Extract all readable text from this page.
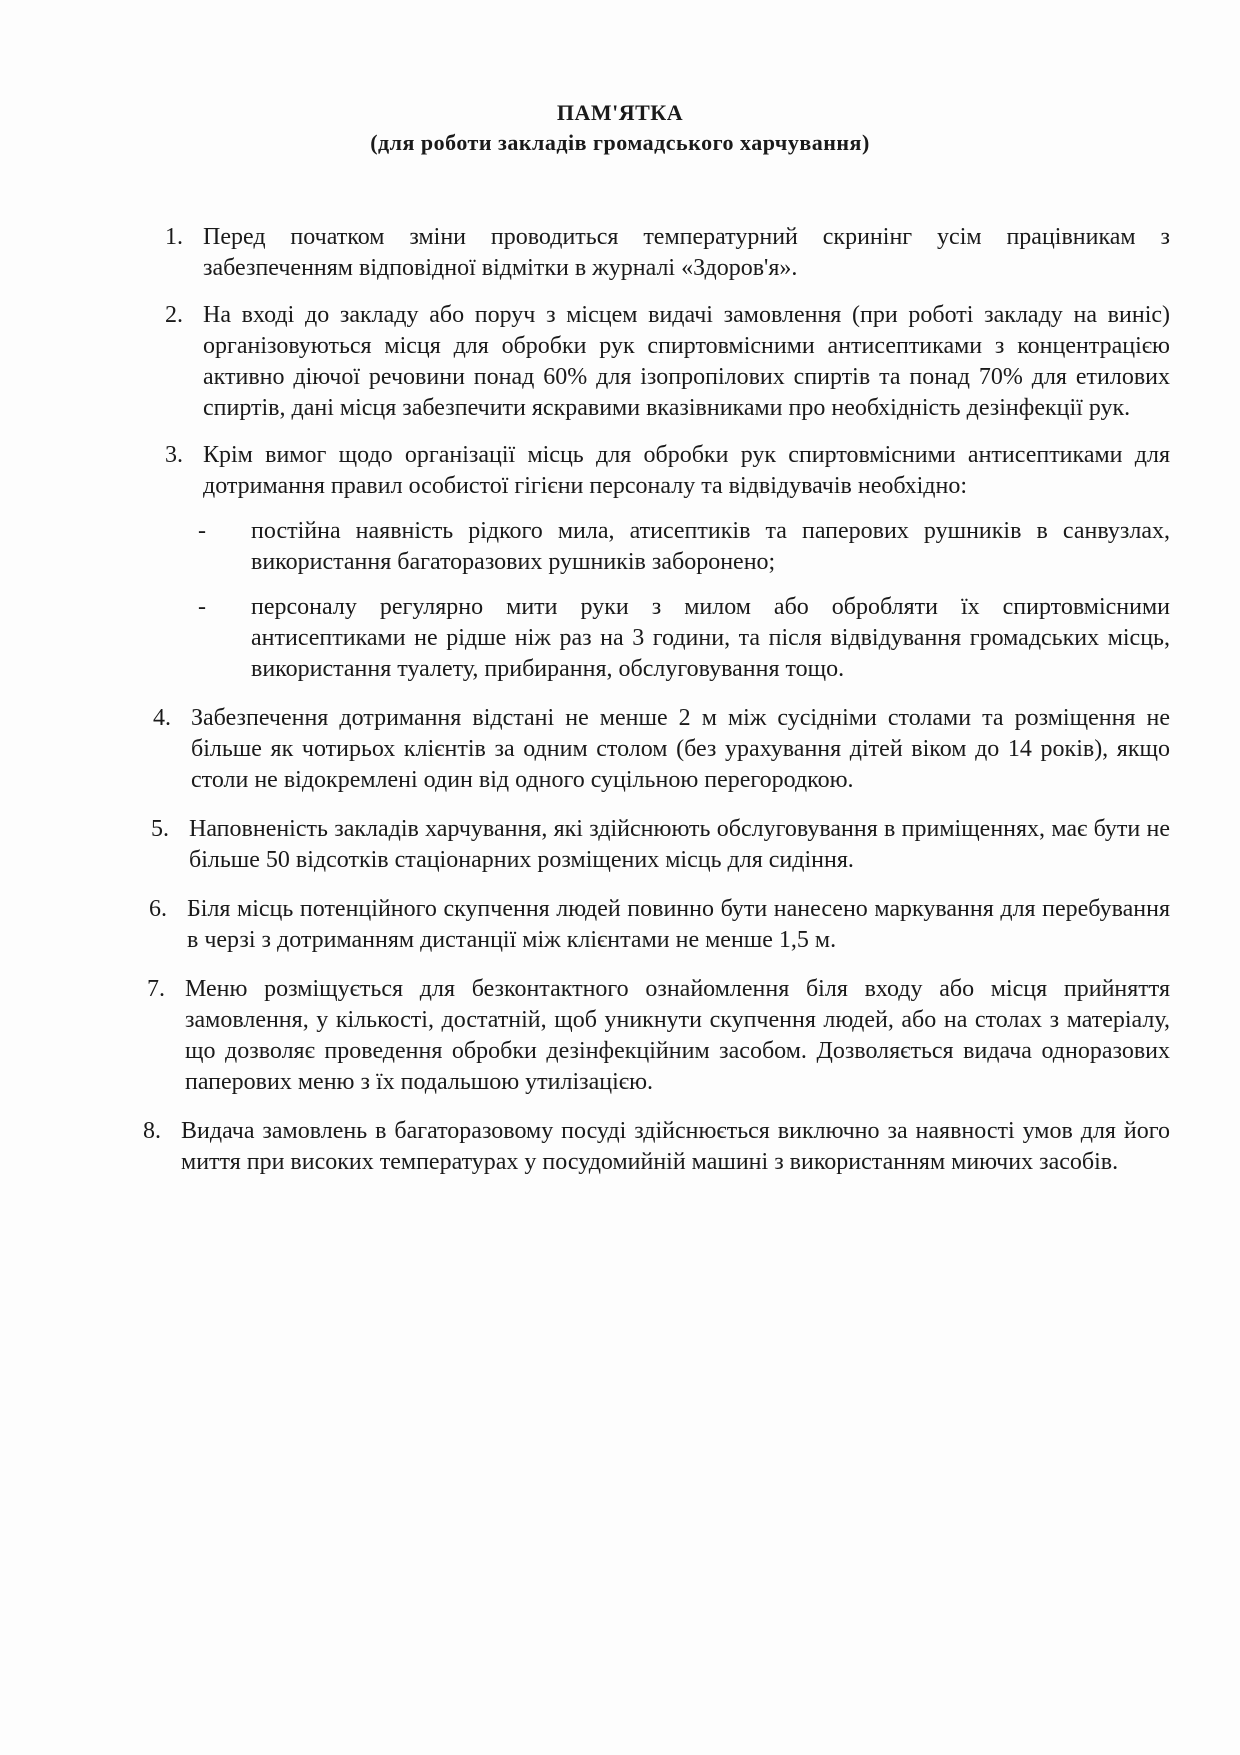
ПАМ'ЯТКА
(для роботи закладів громадського харчування)
1. Перед початком зміни проводиться температурний скринінг усім працівникам з забезпеченням відповідної відмітки в журналі «Здоров'я».
2. На вході до закладу або поруч з місцем видачі замовлення (при роботі закладу на виніс) організовуються місця для обробки рук спиртовмісними антисептиками з концентрацією активно діючої речовини понад 60% для ізопропілових спиртів та понад 70% для етилових спиртів, дані місця забезпечити яскравими вказівниками про необхідність дезінфекції рук.
3. Крім вимог щодо організації місць для обробки рук спиртовмісними антисептиками для дотримання правил особистої гігієни персоналу та відвідувачів необхідно:
- постійна наявність рідкого мила, атисептиків та паперових рушників в санвузлах, використання багаторазових рушників заборонено;
- персоналу регулярно мити руки з милом або обробляти їх спиртовмісними антисептиками не рідше ніж раз на 3 години, та після відвідування громадських місць, використання туалету, прибирання, обслуговування тощо.
4. Забезпечення дотримання відстані не менше 2 м між сусідніми столами та розміщення не більше як чотирьох клієнтів за одним столом (без урахування дітей віком до 14 років), якщо столи не відокремлені один від одного суцільною перегородкою.
5. Наповненість закладів харчування, які здійснюють обслуговування в приміщеннях, має бути не більше 50 відсотків стаціонарних розміщених місць для сидіння.
6. Біля місць потенційного скупчення людей повинно бути нанесено маркування для перебування в черзі з дотриманням дистанції між клієнтами не менше 1,5 м.
7. Меню розміщується для безконтактного ознайомлення біля входу або місця прийняття замовлення, у кількості, достатній, щоб уникнути скупчення людей, або на столах з матеріалу, що дозволяє проведення обробки дезінфекційним засобом. Дозволяється видача одноразових паперових меню з їх подальшою утилізацією.
8. Видача замовлень в багаторазовому посуді здійснюється виключно за наявності умов для його миття при високих температурах у посудомийній машині з використанням миючих засобів.
